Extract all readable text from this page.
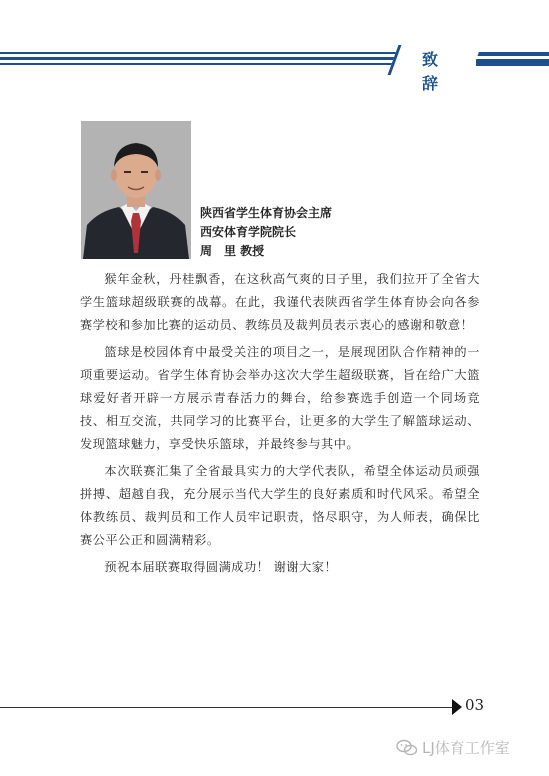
致 辞
陕西省学生体育协会主席
西安体育学院院长
周　里 教授

猴年金秋，丹桂飘香，在这秋高气爽的日子里，我们拉开了全省大学生篮球超级联赛的战幕。在此，我谨代表陕西省学生体育协会向各参赛学校和参加比赛的运动员、教练员及裁判员表示衷心的感谢和敬意！

篮球是校园体育中最受关注的项目之一，是展现团队合作精神的一项重要运动。省学生体育协会举办这次大学生超级联赛，旨在给广大篮球爱好者开辟一方展示青春活力的舞台，给参赛选手创造一个同场竞技、相互交流，共同学习的比赛平台，让更多的大学生了解篮球运动、发现篮球魅力，享受快乐篮球，并最终参与其中。

本次联赛汇集了全省最具实力的大学代表队，希望全体运动员顽强拼搏、超越自我，充分展示当代大学生的良好素质和时代风采。希望全体教练员、裁判员和工作人员牢记职责，恪尽职守，为人师表，确保比赛公平公正和圆满精彩。

预祝本届联赛取得圆满成功！ 谢谢大家！

03
LJ体育工作室
